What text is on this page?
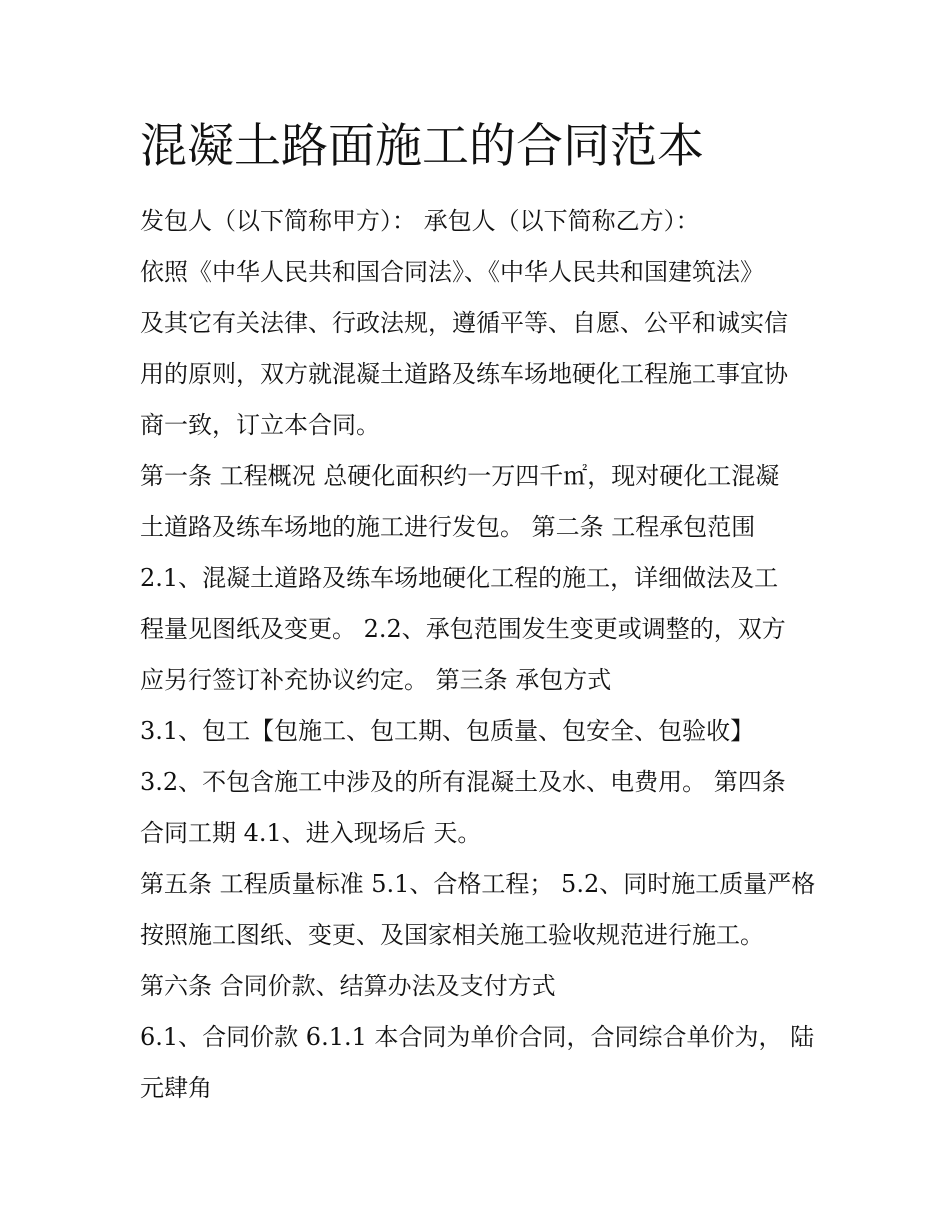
混凝土路面施工的合同范本

发包人（以下简称甲方）： 承包人（以下简称乙方）：

依照《中华人民共和国合同法》、《中华人民共和国建筑法》

及其它有关法律、行政法规，遵循平等、自愿、公平和诚实信

用的原则，双方就混凝土道路及练车场地硬化工程施工事宜协

商一致，订立本合同。

第一条 工程概况 总硬化面积约一万四千㎡，现对硬化工混凝

土道路及练车场地的施工进行发包。 第二条 工程承包范围

2.1、混凝土道路及练车场地硬化工程的施工，详细做法及工

程量见图纸及变更。 2.2、承包范围发生变更或调整的，双方

应另行签订补充协议约定。 第三条 承包方式

3.1、包工【包施工、包工期、包质量、包安全、包验收】

3.2、不包含施工中涉及的所有混凝土及水、电费用。 第四条

合同工期 4.1、进入现场后 天。

第五条 工程质量标准 5.1、合格工程； 5.2、同时施工质量严格

按照施工图纸、变更、及国家相关施工验收规范进行施工。

第六条 合同价款、结算办法及支付方式

6.1、合同价款 6.1.1 本合同为单价合同，合同综合单价为， 陆

元肆角
